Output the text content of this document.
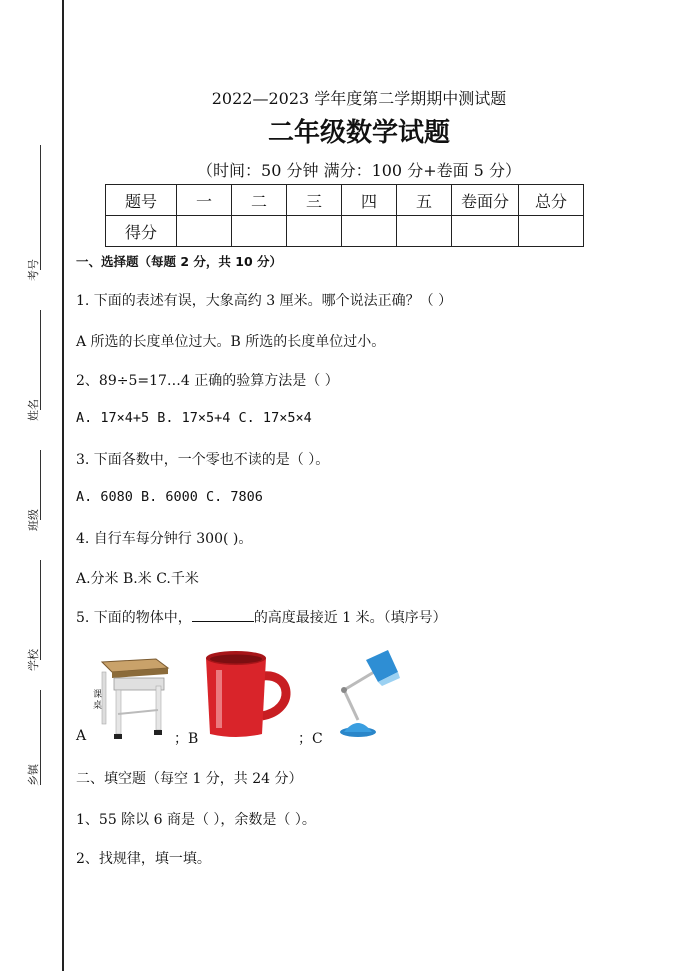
考号
姓名
班级
学校
乡镇
2022—2023 学年度第二学期期中测试题
二年级数学试题
（时间：50 分钟 满分：100 分+卷面 5 分）
题号	一	二	三	四	五	卷面分	总分
得分							
一、选择题（每题 2 分，共 10 分）
1. 下面的表述有误，大象高约 3 厘米。哪个说法正确？（ ）
A 所选的长度单位过大。B 所选的长度单位过小。
2、89÷5=17…4 正确的验算方法是（ ）
A. 17×4+5 B. 17×5+4 C. 17×5×4
3. 下面各数中，一个零也不读的是（ ）。
A. 6080 B. 6000 C. 7806
4. 自行车每分钟行 300( )。
A.分米 B.米 C.千米
5. 下面的物体中，	的高度最接近 1 米。（填序号）
课桌
A	；B	；C
二、填空题（每空 1 分，共 24 分）
1、55 除以 6 商是（ ），余数是（ ）。
2、找规律，填一填。
